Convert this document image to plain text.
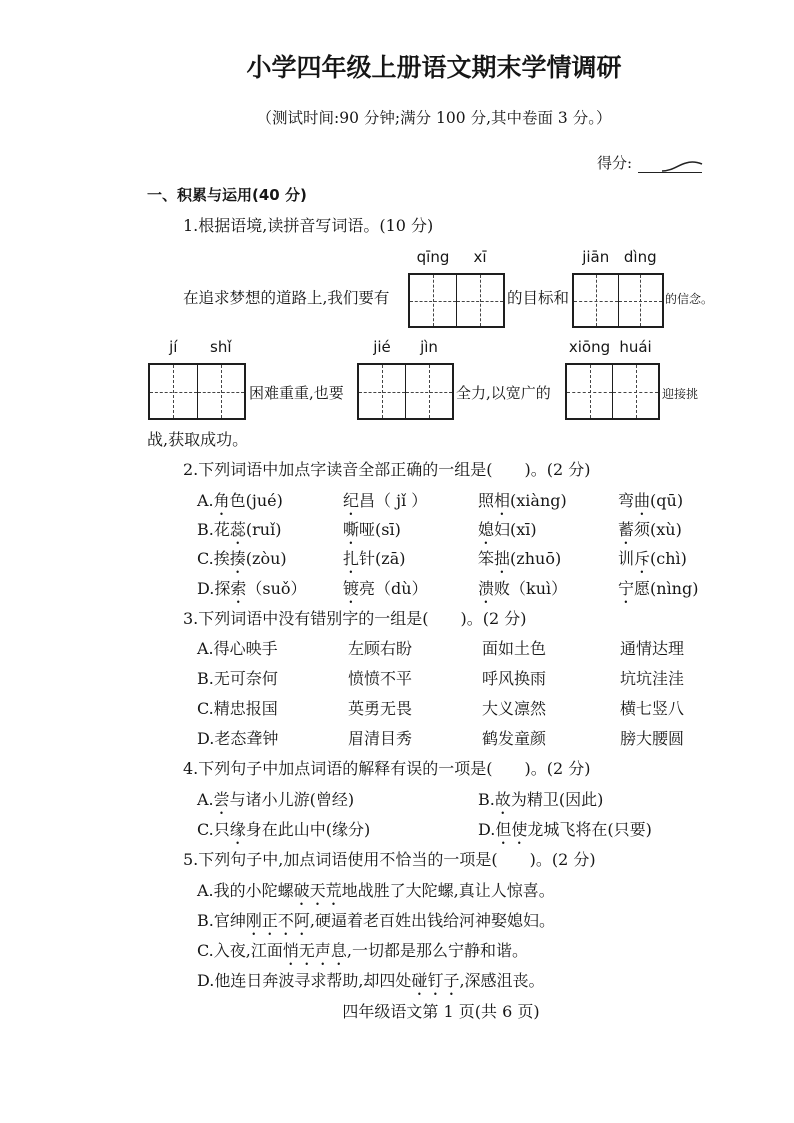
小学四年级上册语文期末学情调研
（测试时间:90 分钟;满分 100 分,其中卷面 3 分。）
得分:
一、积累与运用(40 分)
1.根据语境,读拼音写词语。(10 分)
在追求梦想的道路上,我们要有
qīng	xī
的目标和
jiān dìng
的信念。
jí	shǐ
困难重重,也要
jié	jìn
全力,以宽广的
xiōng huái
迎接挑
战,获取成功。
2.下列词语中加点字读音全部正确的一组是(　　)。(2 分)
A.角色(jué)	纪昌（ jǐ ）	照相(xiàng)	弯曲(qū)
B.花蕊(ruǐ)	嘶哑(sī)	媳妇(xī)	蓄须(xù)
C.挨揍(zòu)	扎针(zā)	笨拙(zhuō)	训斥(chì)
D.探索（suǒ） 镀亮（dù）	溃败（kuì）	宁愿(nìng)
3.下列词语中没有错别字的一组是(　　)。(2 分)
A.得心映手	左顾右盼	面如土色	通情达理
B.无可奈何	愤愤不平	呼风换雨	坑坑洼洼
C.精忠报国	英勇无畏	大义凛然	横七竖八
D.老态聋钟	眉清目秀	鹤发童颜	膀大腰圆
4.下列句子中加点词语的解释有误的一项是(　　)。(2 分)
A.尝与诸小儿游(曾经)	B.故为精卫(因此)
C.只缘身在此山中(缘分)	D.但使龙城飞将在(只要)
5.下列句子中,加点词语使用不恰当的一项是(　　)。(2 分)
A.我的小陀螺破天荒地战胜了大陀螺,真让人惊喜。
B.官绅刚正不阿,硬逼着老百姓出钱给河神娶媳妇。
C.入夜,江面悄无声息,一切都是那么宁静和谐。
D.他连日奔波寻求帮助,却四处碰钉子,深感沮丧。
四年级语文第 1 页(共 6 页)
